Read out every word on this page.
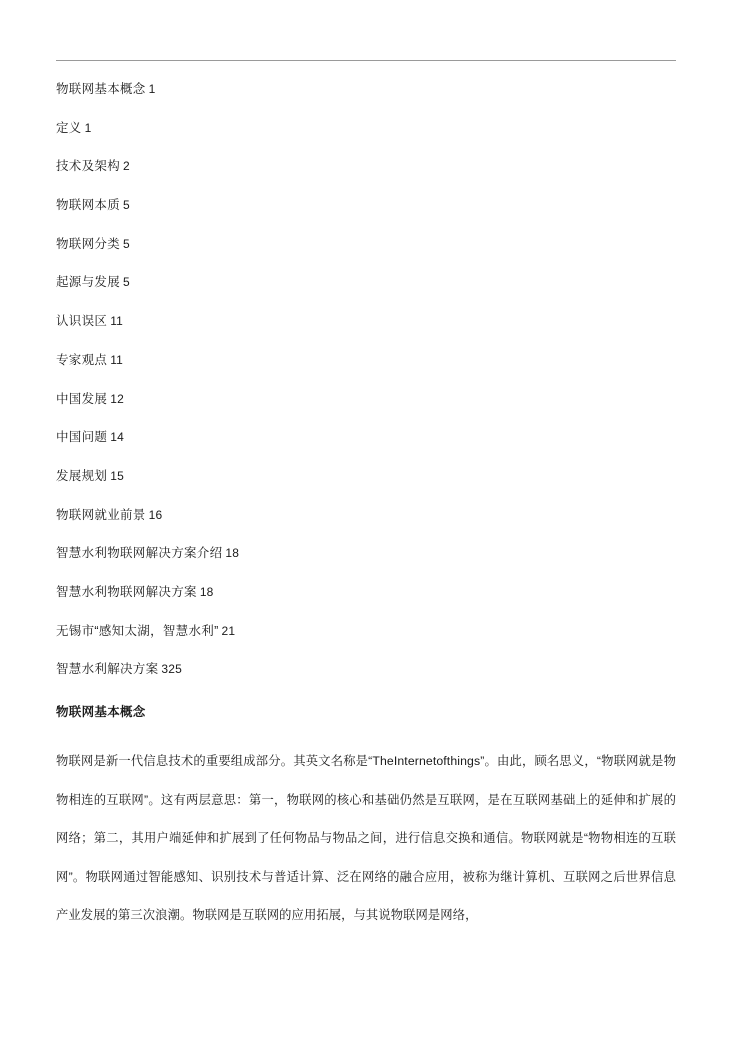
物联网基本概念 1
定义 1
技术及架构 2
物联网本质 5
物联网分类 5
起源与发展 5
认识误区 11
专家观点 11
中国发展 12
中国问题 14
发展规划 15
物联网就业前景 16
智慧水利物联网解决方案介绍 18
智慧水利物联网解决方案 18
无锡市“感知太湖，智慧水利” 21
智慧水利解决方案 325
物联网基本概念

物联网是新一代信息技术的重要组成部分。其英文名称是“TheInternetofthings”。由此，顾名思义，“物联网就是物物相连的互联网”。这有两层意思：第一，物联网的核心和基础仍然是互联网，是在互联网基础上的延伸和扩展的网络；第二，其用户端延伸和扩展到了任何物品与物品之间，进行信息交换和通信。物联网就是“物物相连的互联网”。物联网通过智能感知、识别技术与普适计算、泛在网络的融合应用，被称为继计算机、互联网之后世界信息产业发展的第三次浪潮。物联网是互联网的应用拓展，与其说物联网是网络，
